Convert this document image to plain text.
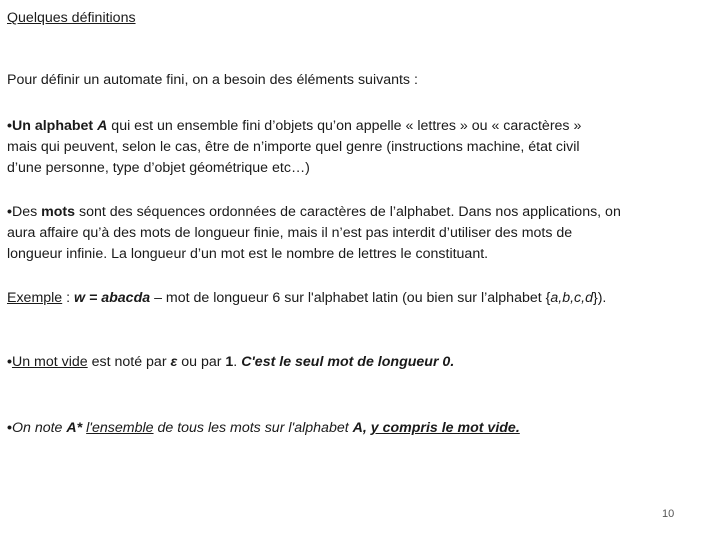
Quelques définitions
Pour définir un automate fini, on a besoin des éléments suivants :
•Un alphabet A qui est un ensemble fini d’objets qu’on appelle « lettres » ou « caractères »
mais qui peuvent, selon le cas, être de n’importe quel genre (instructions machine, état civil
d’une personne, type d’objet géométrique etc…)
•Des mots sont des séquences ordonnées de caractères de l’alphabet. Dans nos applications, on
aura affaire qu’à des mots de longueur finie, mais il n’est pas interdit d’utiliser des mots de
longueur infinie. La longueur d’un mot est le nombre de lettres le constituant.
Exemple : w = abacda – mot de longueur 6 sur l'alphabet latin (ou bien sur l’alphabet {a,b,c,d}).
•Un mot vide est noté par ε ou par 1. C'est le seul mot de longueur 0.
•On note A* l'ensemble de tous les mots sur l'alphabet A, y compris le mot vide.
10
